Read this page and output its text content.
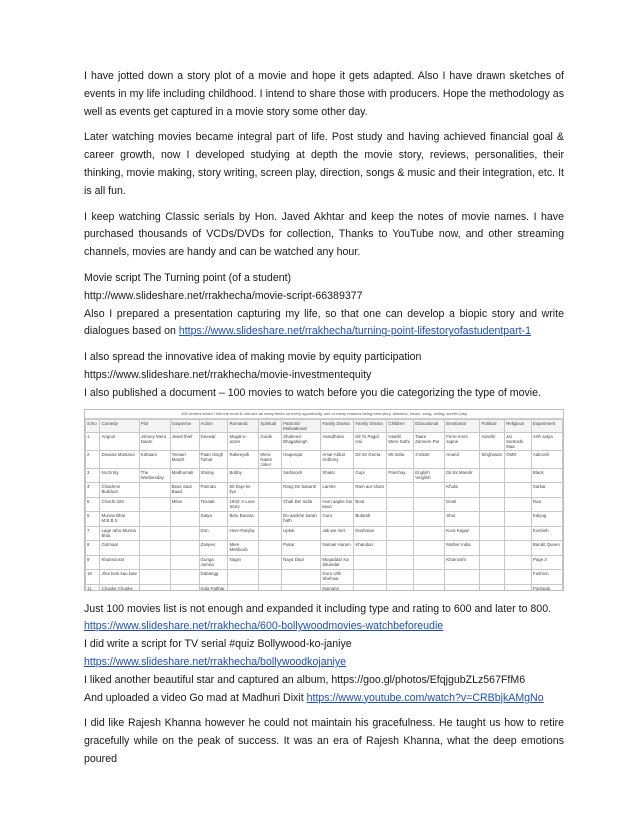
I have jotted down a story plot of a movie and hope it gets adapted. Also I have drawn sketches of events in my life including childhood. I intend to share those with producers. Hope the methodology as well as events get captured in a movie story some other day.

Later watching movies became integral part of life. Post study and having achieved financial goal & career growth, now I developed studying at depth the movie story, reviews, personalities, their thinking, movie making, story writing, screen play, direction, songs & music and their integration, etc. It is all fun.

I keep watching Classic serials by Hon. Javed Akhtar and keep the notes of movie names. I have purchased thousands of VCDs/DVDs for collection, Thanks to YouTube now, and other streaming channels, movies are handy and can be watched any hour.

Movie script The Turning point (of a student)
http://www.slideshare.net/rrakhecha/movie-script-66389377
Also I prepared a presentation capturing my life, so that one can develop a biopic story and write dialogues based on https://www.slideshare.net/rrakhecha/turning-point-lifestoryofastudentpart-1

I also spread the innovative idea of making movie by equity participation
https://www.slideshare.net/rrakhecha/movie-investmentequity
I also published a document – 100 movies to watch before you die categorizing the type of movie.

100 movies which I like the most & can see as many times on every opportunity, one or many reasons being best story, direction, music, song, acting, screen play
S.No	Comedy	Plot	Suspense	Action	Romantic	Spiritual	Patriotic/ Motivational	Family Drama	Family Drama	Children	Educational	Emotional	Political	Religious	Experiment
1	Angoor	Johney Mera Naam	Jewel thief	Deewar	Mugal-e-azam	Guide	Shaheed Bhagatsingh	Aaradhana	Dil To Pagal Hai	Haathi Mere Sathi	Taare Zameen Par	Ferre mere sapne	Aandhi	Jai Santoshi Maa	Arth satya
2	Dovana Mastana	Kahaani	Teesari Manzil	Paan Singh Tomar	Rakeeyah	Mera Naam Joker	Haqeeqat	Amar Akbar Anthony	Dil Se Geeta	Mr.India	3 Idiots	Anand	Singhasan	OMG	Aakrosh
3	No Entry	The Wednesday	Madhumati	Sholay	Bobby		Sarfarosh	Shakti	Gopi	Parichay	English Vinglish	Dil Ek Mandir			Black
4	Chashme Buddoor		Beas Saal Baad	Parinda	Ek Duje ke liye		Rang De basanti	Lamhe	Ram aur sham			Khulsi			Sarkar
5	Chachi 420		Milan	Tezaab	1942: A Love Story		Chak De! India	Hum aapke hai kaun	Boot			Dosti			Raa
6	Munna Bhai M.B.B.S			Satya	Betu Bavara		Do aankhe barah hath	Guru	Bulandi			Shor			Kalyug
7	Lage raho Munna Bhai			Don	Heer-Ranjha		Upkar	Jab we met	Dushman			Kora Kagaz			Koshish
8	Golmaal			Zanjeer	Mere Mehboob		Pukar	Namak Haram	Khandan			Mother India			Bandit Queen
9	Khubsoorat			Gunga Jumna	Nagin		Naya Daur	Muqaddar Ka Sikandar				Khamoshi			Page 3
10	Jhut bole kau kate			Dabangg				Guru Uthi Shehnai							Fashion
11	Chupke Chupke			Kala Patthar				Namang							Pushpak

Just 100 movies list is not enough and expanded it including type and rating to 600 and later to 800.
https://www.slideshare.net/rrakhecha/600-bollywoodmovies-watchbeforeudie
I did write a script for TV serial #quiz Bollywood-ko-janiye
https://www.slideshare.net/rrakhecha/bollywoodkojaniye
I liked another beautiful star and captured an album, https://goo.gl/photos/EfqjgubZLz567FfM6
And uploaded a video Go mad at Madhuri Dixit https://www.youtube.com/watch?v=CRBbjkAMgNo

I did like Rajesh Khanna however he could not maintain his gracefulness. He taught us how to retire gracefully while on the peak of success. It was an era of Rajesh Khanna, what the deep emotions poured
